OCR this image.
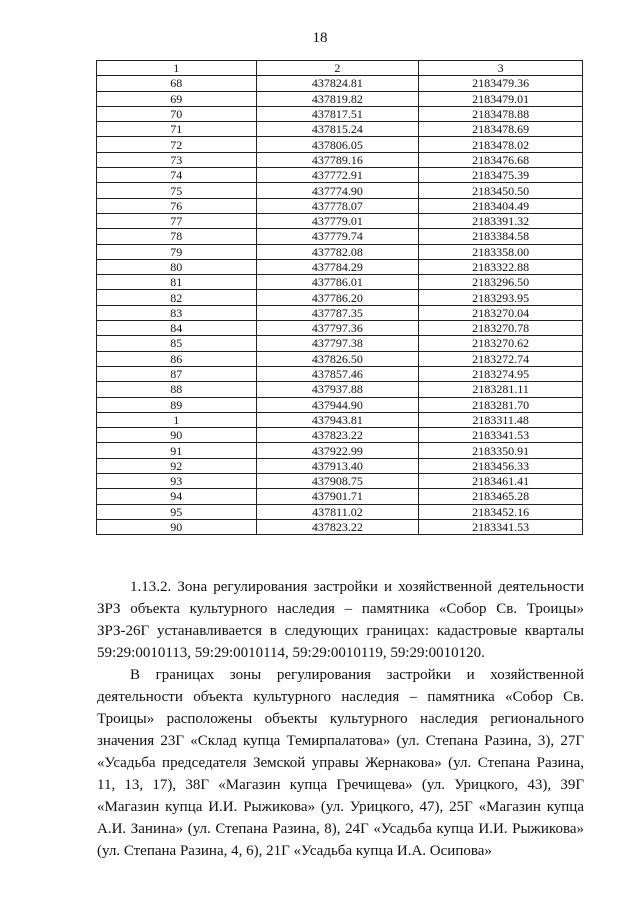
18
1	2	3
68	437824.81	2183479.36
69	437819.82	2183479.01
70	437817.51	2183478.88
71	437815.24	2183478.69
72	437806.05	2183478.02
73	437789.16	2183476.68
74	437772.91	2183475.39
75	437774.90	2183450.50
76	437778.07	2183404.49
77	437779.01	2183391.32
78	437779.74	2183384.58
79	437782.08	2183358.00
80	437784.29	2183322.88
81	437786.01	2183296.50
82	437786.20	2183293.95
83	437787.35	2183270.04
84	437797.36	2183270.78
85	437797.38	2183270.62
86	437826.50	2183272.74
87	437857.46	2183274.95
88	437937.88	2183281.11
89	437944.90	2183281.70
1	437943.81	2183311.48
90	437823.22	2183341.53
91	437922.99	2183350.91
92	437913.40	2183456.33
93	437908.75	2183461.41
94	437901.71	2183465.28
95	437811.02	2183452.16
90	437823.22	2183341.53

1.13.2. Зона регулирования застройки и хозяйственной деятельности ЗРЗ объекта культурного наследия – памятника «Собор Св. Троицы» ЗРЗ-26Г устанавливается в следующих границах: кадастровые кварталы 59:29:0010113, 59:29:0010114, 59:29:0010119, 59:29:0010120.

В границах зоны регулирования застройки и хозяйственной деятельности объекта культурного наследия – памятника «Собор Св. Троицы» расположены объекты культурного наследия регионального значения 23Г «Склад купца Темирпалатова» (ул. Степана Разина, 3), 27Г «Усадьба председателя Земской управы Жернакова» (ул. Степана Разина, 11, 13, 17), 38Г «Магазин купца Гречищева» (ул. Урицкого, 43), 39Г «Магазин купца И.И. Рыжикова» (ул. Урицкого, 47), 25Г «Магазин купца А.И. Занина» (ул. Степана Разина, 8), 24Г «Усадьба купца И.И. Рыжикова» (ул. Степана Разина, 4, 6), 21Г «Усадьба купца И.А. Осипова»
